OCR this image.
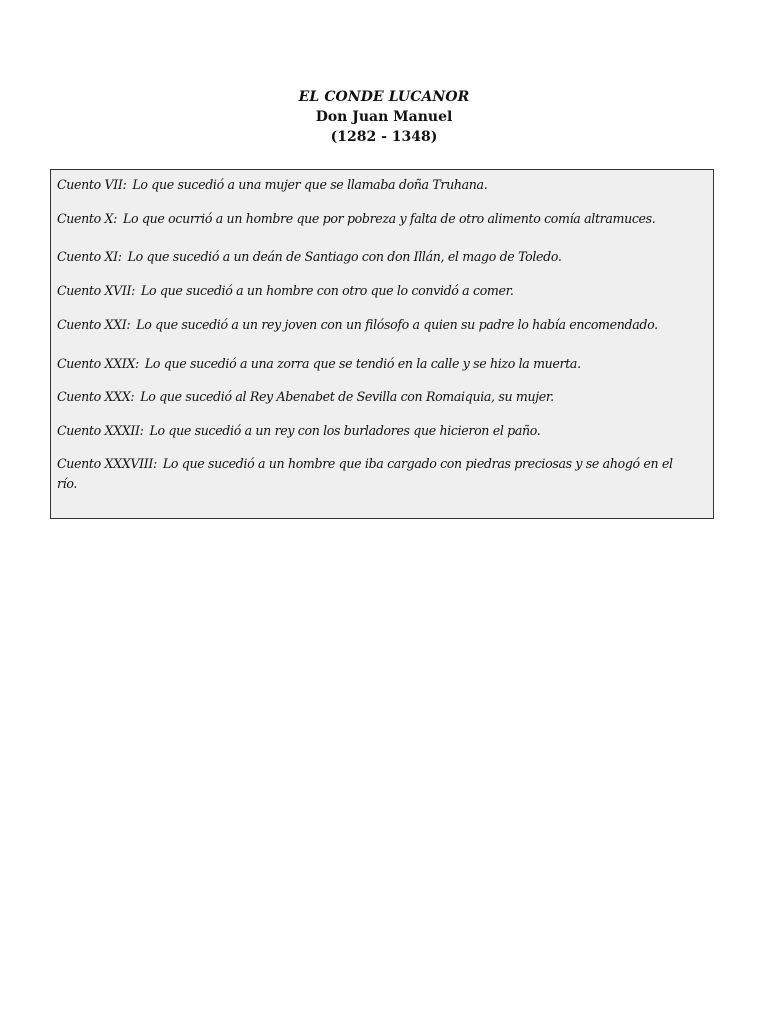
EL CONDE LUCANOR
Don Juan Manuel
(1282 - 1348)
Cuento VII: Lo que sucedió a una mujer que se llamaba doña Truhana.
Cuento X: Lo que ocurrió a un hombre que por pobreza y falta de otro alimento comía altramuces.
Cuento XI: Lo que sucedió a un deán de Santiago con don Illán, el mago de Toledo.
Cuento XVII: Lo que sucedió a un hombre con otro que lo convidó a comer.
Cuento XXI: Lo que sucedió a un rey joven con un filósofo a quien su padre lo había encomendado.
Cuento XXIX: Lo que sucedió a una zorra que se tendió en la calle y se hizo la muerta.
Cuento XXX: Lo que sucedió al Rey Abenabet de Sevilla con Romaiquia, su mujer.
Cuento XXXII: Lo que sucedió a un rey con los burladores que hicieron el paño.
Cuento XXXVIII: Lo que sucedió a un hombre que iba cargado con piedras preciosas y se ahogó en el río.
